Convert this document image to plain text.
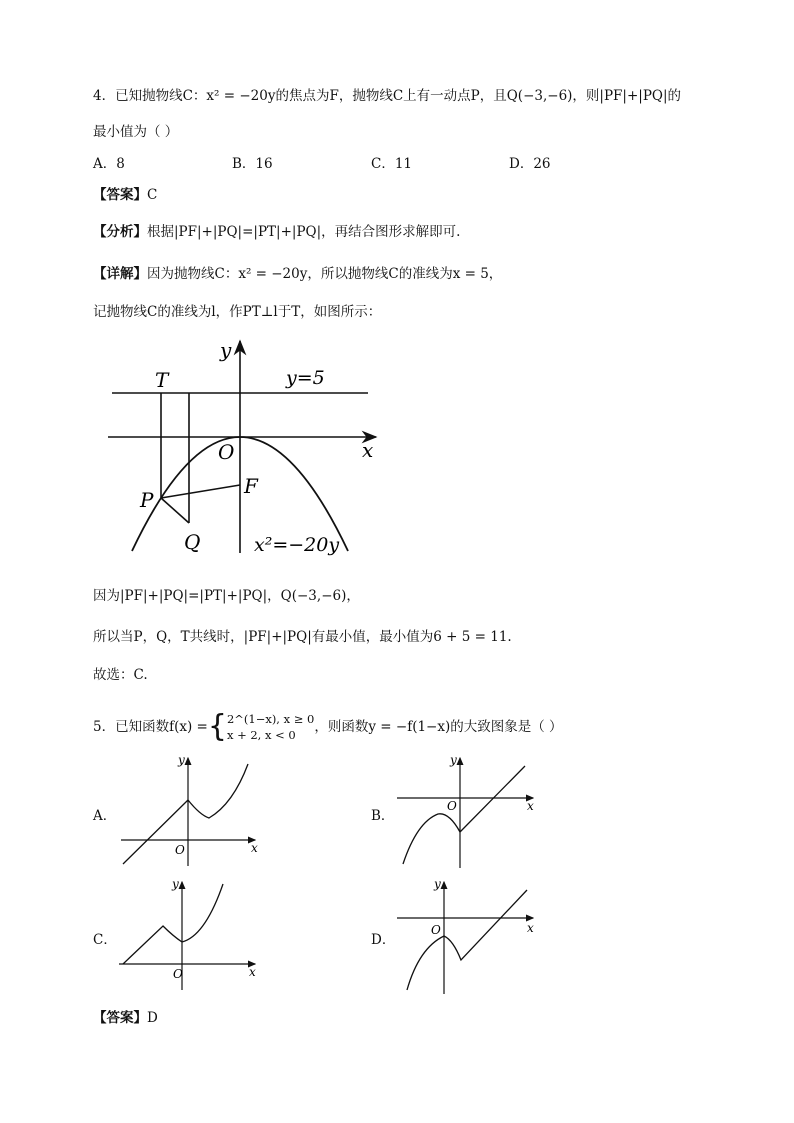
4．已知抛物线C：x² = −20y的焦点为F，抛物线C上有一动点P，且Q(−3,−6)，则|PF|+|PQ|的
最小值为（ ）
A．8	B．16	C．11	D．26
【答案】C
【分析】根据|PF|+|PQ|=|PT|+|PQ|，再结合图形求解即可.
【详解】因为抛物线C：x² = −20y，所以抛物线C的准线为x = 5，
记抛物线C的准线为l，作PT⊥l于T，如图所示：
y
T	y=5
O	x
P
F
Q	x²=−20y
因为|PF|+|PQ|=|PT|+|PQ|，Q(−3,−6)，
所以当P，Q，T共线时，|PF|+|PQ|有最小值，最小值为6 + 5 = 11.
故选：C.
5．已知函数f(x) ={ 2^(1−x), x ≥ 0
x + 2, x < 0	，则函数y = −f(1−x)的大致图象是（ ）
A．
y
O	x
B．
y
O	x
C．
y
O	x
D．
y
O	x
【答案】D
